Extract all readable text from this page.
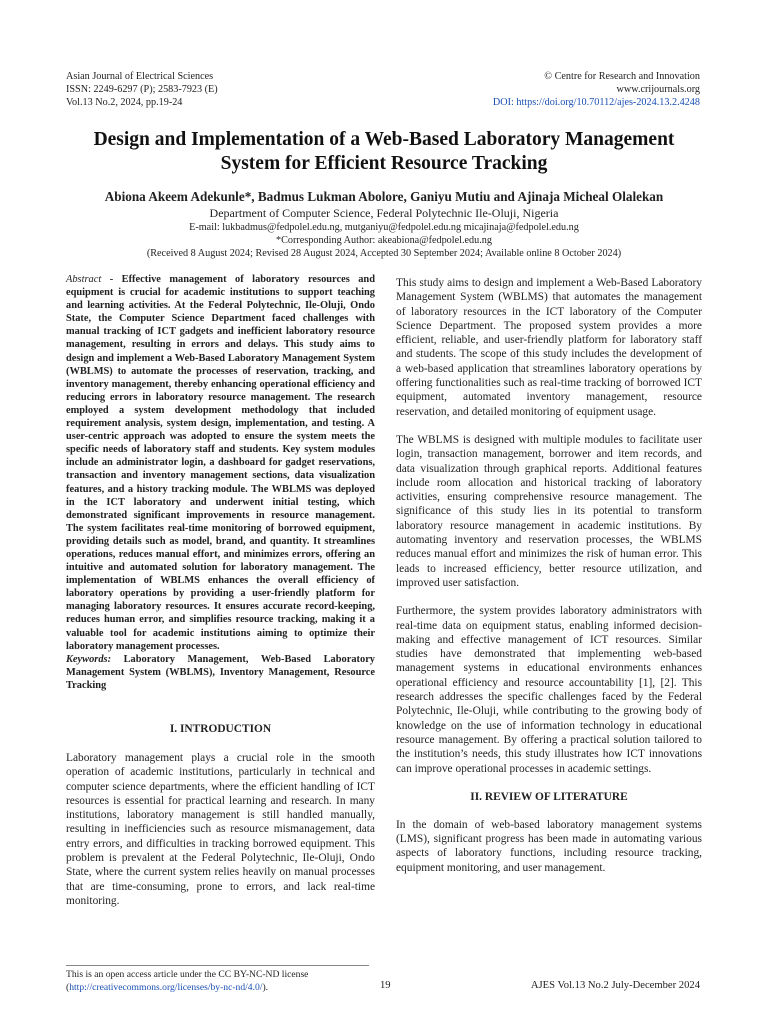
Asian Journal of Electrical Sciences
ISSN: 2249-6297 (P); 2583-7923 (E)
Vol.13 No.2, 2024, pp.19-24
© Centre for Research and Innovation
www.crijournals.org
DOI: https://doi.org/10.70112/ajes-2024.13.2.4248
Design and Implementation of a Web-Based Laboratory Management
System for Efficient Resource Tracking
Abiona Akeem Adekunle*, Badmus Lukman Abolore, Ganiyu Mutiu and Ajinaja Micheal Olalekan
Department of Computer Science, Federal Polytechnic Ile-Oluji, Nigeria
E-mail: lukbadmus@fedpolel.edu.ng, mutganiyu@fedpolel.edu.ng micajinaja@fedpolel.edu.ng
*Corresponding Author: akeabiona@fedpolel.edu.ng
(Received 8 August 2024; Revised 28 August 2024, Accepted 30 September 2024; Available online 8 October 2024)

Abstract - Effective management of laboratory resources and equipment is crucial for academic institutions to support teaching and learning activities. At the Federal Polytechnic, Ile-Oluji, Ondo State, the Computer Science Department faced challenges with manual tracking of ICT gadgets and inefficient laboratory resource management, resulting in errors and delays. This study aims to design and implement a Web-Based Laboratory Management System (WBLMS) to automate the processes of reservation, tracking, and inventory management, thereby enhancing operational efficiency and reducing errors in laboratory resource management. The research employed a system development methodology that included requirement analysis, system design, implementation, and testing. A user-centric approach was adopted to ensure the system meets the specific needs of laboratory staff and students. Key system modules include an administrator login, a dashboard for gadget reservations, transaction and inventory management sections, data visualization features, and a history tracking module. The WBLMS was deployed in the ICT laboratory and underwent initial testing, which demonstrated significant improvements in resource management. The system facilitates real-time monitoring of borrowed equipment, providing details such as model, brand, and quantity. It streamlines operations, reduces manual effort, and minimizes errors, offering an intuitive and automated solution for laboratory management. The implementation of WBLMS enhances the overall efficiency of laboratory operations by providing a user-friendly platform for managing laboratory resources. It ensures accurate record-keeping, reduces human error, and simplifies resource tracking, making it a valuable tool for academic institutions aiming to optimize their laboratory management processes.

Keywords: Laboratory Management, Web-Based Laboratory Management System (WBLMS), Inventory Management, Resource Tracking

I. INTRODUCTION

Laboratory management plays a crucial role in the smooth operation of academic institutions, particularly in technical and computer science departments, where the efficient handling of ICT resources is essential for practical learning and research. In many institutions, laboratory management is still handled manually, resulting in inefficiencies such as resource mismanagement, data entry errors, and difficulties in tracking borrowed equipment. This problem is prevalent at the Federal Polytechnic, Ile-Oluji, Ondo State, where the current system relies heavily on manual processes that are time-consuming, prone to errors, and lack real-time monitoring.

This study aims to design and implement a Web-Based Laboratory Management System (WBLMS) that automates the management of laboratory resources in the ICT laboratory of the Computer Science Department. The proposed system provides a more efficient, reliable, and user-friendly platform for laboratory staff and students. The scope of this study includes the development of a web-based application that streamlines laboratory operations by offering functionalities such as real-time tracking of borrowed ICT equipment, automated inventory management, resource reservation, and detailed monitoring of equipment usage.

The WBLMS is designed with multiple modules to facilitate user login, transaction management, borrower and item records, and data visualization through graphical reports. Additional features include room allocation and historical tracking of laboratory activities, ensuring comprehensive resource management. The significance of this study lies in its potential to transform laboratory resource management in academic institutions. By automating inventory and reservation processes, the WBLMS reduces manual effort and minimizes the risk of human error. This leads to increased efficiency, better resource utilization, and improved user satisfaction.

Furthermore, the system provides laboratory administrators with real-time data on equipment status, enabling informed decision-making and effective management of ICT resources. Similar studies have demonstrated that implementing web-based management systems in educational environments enhances operational efficiency and resource accountability [1], [2]. This research addresses the specific challenges faced by the Federal Polytechnic, Ile-Oluji, while contributing to the growing body of knowledge on the use of information technology in educational resource management. By offering a practical solution tailored to the institution’s needs, this study illustrates how ICT innovations can improve operational processes in academic settings.

II. REVIEW OF LITERATURE

In the domain of web-based laboratory management systems (LMS), significant progress has been made in automating various aspects of laboratory functions, including resource tracking, equipment monitoring, and user management.

This is an open access article under the CC BY-NC-ND license
(http://creativecommons.org/licenses/by-nc-nd/4.0/).	19	AJES Vol.13 No.2 July-December 2024
